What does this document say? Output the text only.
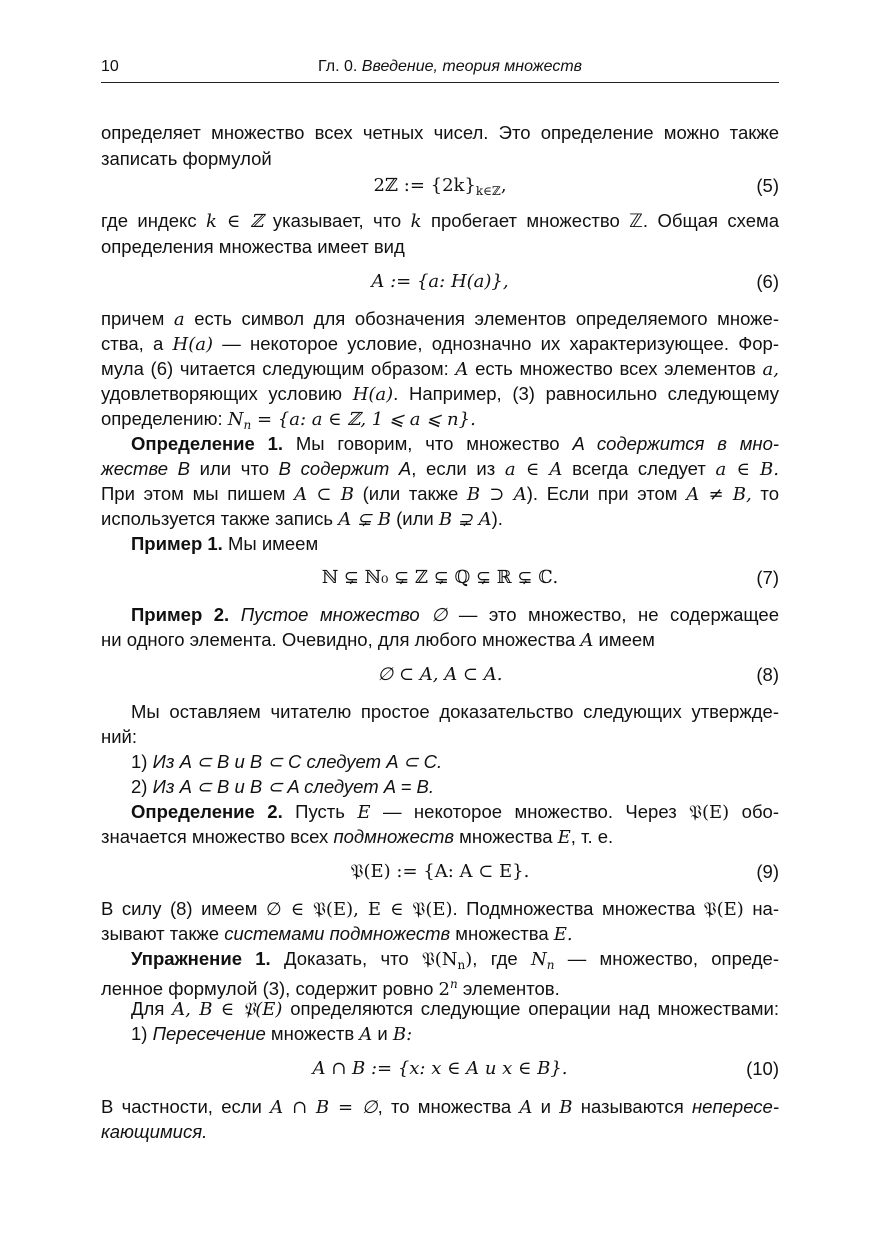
10	Гл. 0. Введение, теория множеств
определяет множество всех четных чисел. Это определение можно также
записать формулой
2ℤ := $\{2k\}_{k\in ℤ}$,	(5)
где индекс k ∈ ℤ указывает, что k пробегает множество ℤ. Общая схема
определения множества имеет вид
A := {a: H(a)},	(6)
причем a есть символ для обозначения элементов определяемого множе-
ства, а H(a) — некоторое условие, однозначно их характеризующее. Фор-
мула (6) читается следующим образом: A есть множество всех элементов a,
удовлетворяющих условию H(a). Например, (3) равносильно следующему
определению: $N_n = \{a$: a ∈ ℤ, 1 ⩽ a ⩽ n}.
Определение 1. Мы говорим, что множество A содержится в мно-
жестве B или что B содержит A, если из a ∈ A всегда следует a ∈ B.
При этом мы пишем A ⊂ B (или также B ⊃ A). Если при этом A ≠ B, то
используется также запись A ⊊ B (или B ⊋ A).
Пример 1. Мы имеем
ℕ ⊊ ℕ₀ ⊊ ℤ ⊊ ℚ ⊊ ℝ ⊊ ℂ.	(7)
Пример 2. Пустое множество ∅ — это множество, не содержащее
ни одного элемента. Очевидно, для любого множества A имеем
∅ ⊂ A, A ⊂ A.	(8)
Мы оставляем читателю простое доказательство следующих утвержде-
ний:
1) Из A ⊂ B и B ⊂ C следует A ⊂ C.
2) Из A ⊂ B и B ⊂ A следует A = B.
Определение 2. Пусть E — некоторое множество. Через 𝔓(E) обо-
значается множество всех подмножеств множества E, т. е.
𝔓(E) := {A: A ⊂ E}.	(9)
В силу (8) имеем ∅ ∈ 𝔓(E), E ∈ 𝔓(E). Подмножества множества 𝔓(E) на-
зывают также системами подмножеств множества E.
Упражнение 1. Доказать, что $𝔓(N_n)$, где $N_n$ — множество, опреде-
ленное формулой (3), содержит ровно 2$^n$ элементов.
Для A, B ∈ 𝔓(E) определяются следующие операции над множествами:
1) Пересечение множеств A и B:
A ∩ B := {x: x ∈ A и x ∈ B}.	(10)
В частности, если A ∩ B = ∅, то множества A и B называются непересе-
кающимися.
